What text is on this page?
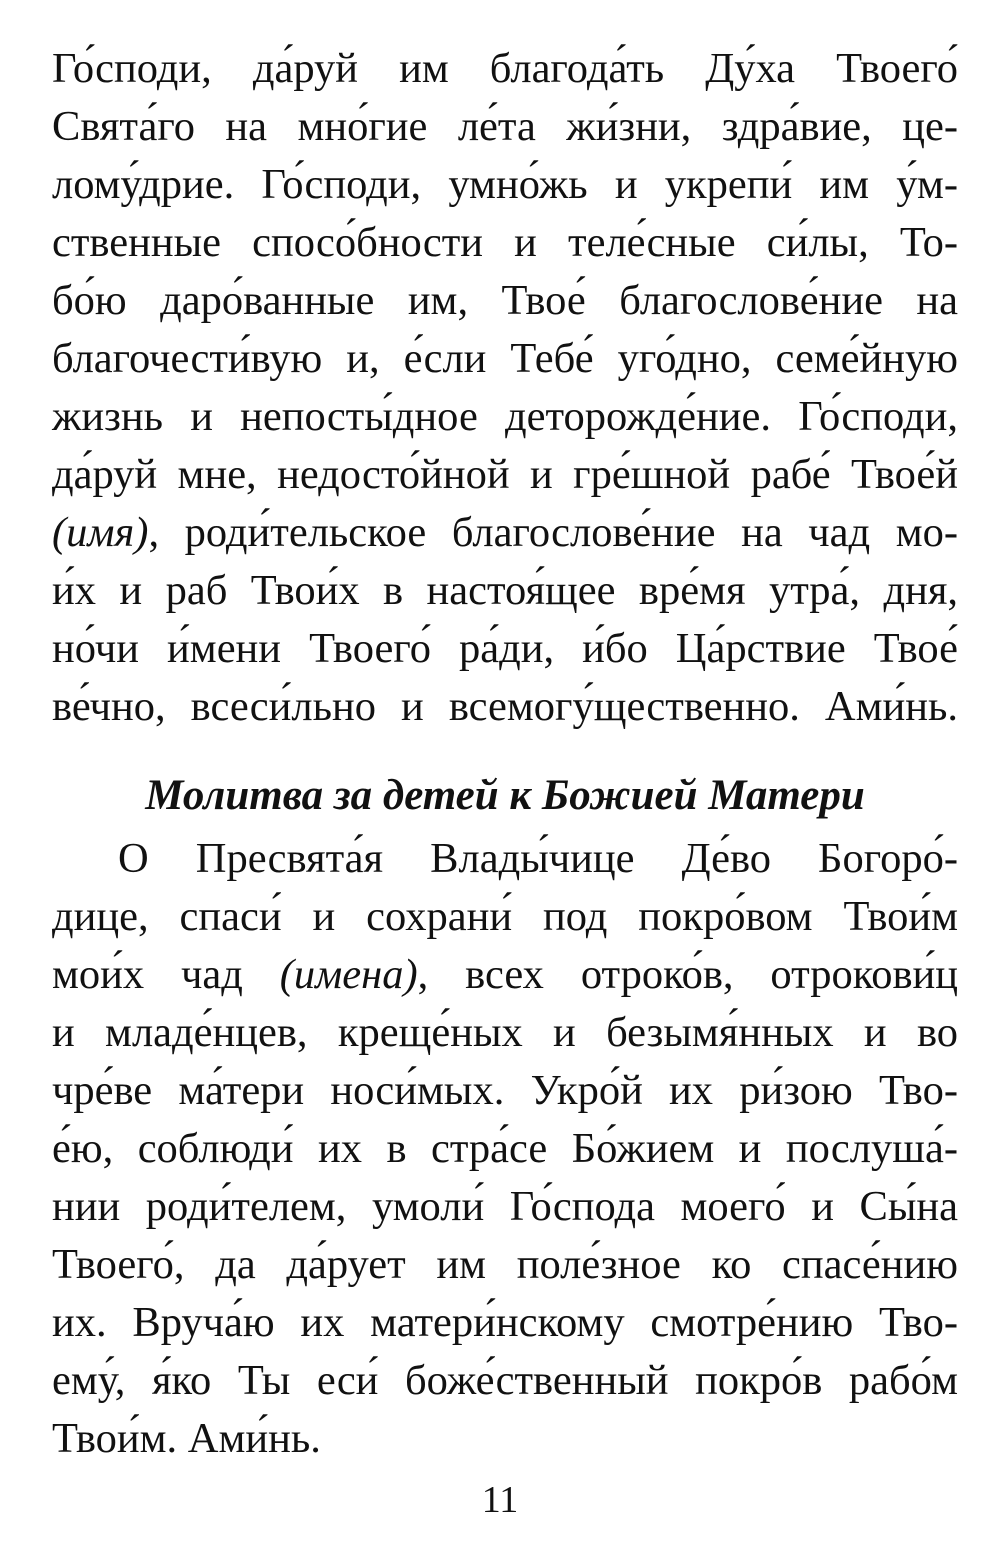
Го́споди, да́руй им благода́ть Ду́ха Твоего́
Свята́го на мно́гие ле́та жи́зни, здра́вие, це-
лому́дрие. Го́споди, умно́жь и укрепи́ им у́м-
ственные спосо́бности и теле́сные си́лы, То-
бо́ю даро́ванные им, Твое́ благослове́ние на
благочести́вую и, е́сли Тебе́ уго́дно, семе́йную
жизнь и непосты́дное деторожде́ние. Го́споди,
да́руй мне, недосто́йной и гре́шной рабе́ Твое́й
(имя), роди́тельское благослове́ние на чад мо-
и́х и раб Твои́х в настоя́щее вре́мя утра́, дня,
но́чи и́мени Твоего́ ра́ди, и́бо Ца́рствие Твое́
ве́чно, всеси́льно и всемогу́щественно. Ами́нь.

Молитва за детей к Божией Матери

О Пресвята́я Влады́чице Де́во Богоро́-
дице, спаси́ и сохрани́ под покро́вом Твои́м
мои́х чад (имена), всех отроко́в, отрокови́ц
и младе́нцев, креще́ных и безымя́нных и во
чре́ве ма́тери носи́мых. Укро́й их ри́зою Тво-
е́ю, соблюди́ их в стра́се Бо́жием и послуша́-
нии роди́телем, умоли́ Го́спода моего́ и Сы́на
Твоего́, да да́рует им поле́зное ко спасе́нию
их. Вруча́ю их матери́нскому смотре́нию Тво-
ему́, я́ко Ты еси́ боже́ственный покро́в рабо́м
Твои́м. Ами́нь.

11
